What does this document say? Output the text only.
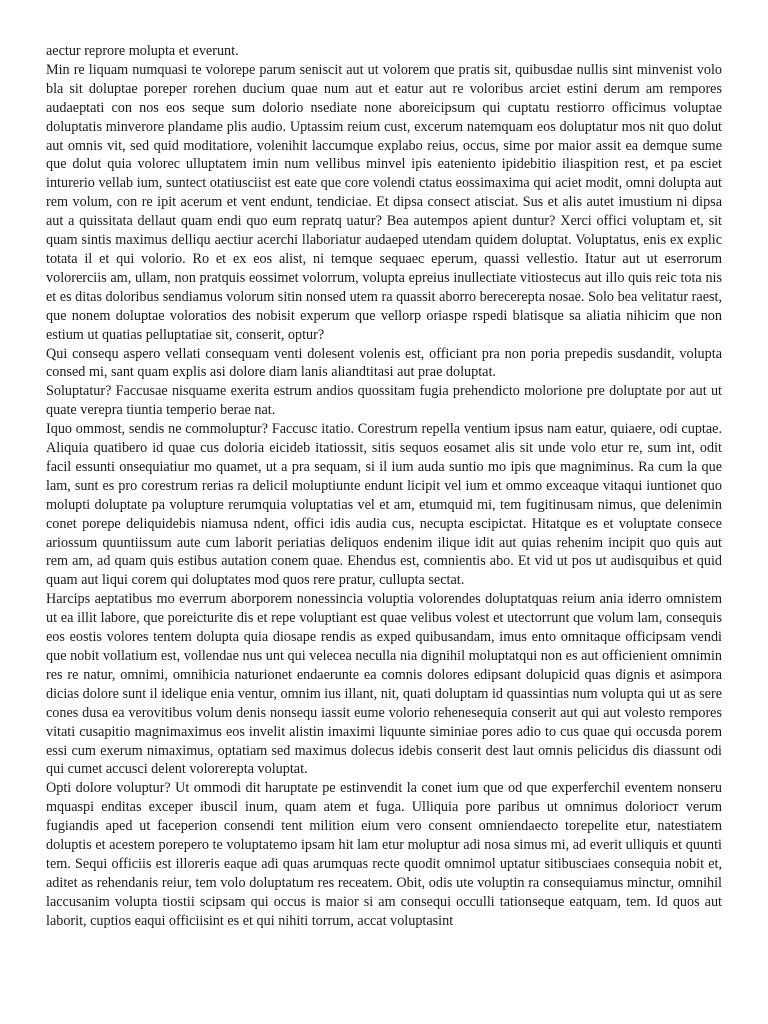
aectur reprore molupta et everunt.

Min re liquam numquasi te volorepe parum seniscit aut ut volorem que pratis sit, quibusdae nullis sint minvenist volo bla sit doluptae poreper rorehen ducium quae num aut et eatur aut re voloribus arciet estini derum am rempores audaeptati con nos eos seque sum dolorio nsediate none aboreicipsum qui cuptatu restiorro officimus voluptae doluptatis minverore plandame plis audio. Uptassim reium cust, excerum natemquam eos doluptatur mos nit quo dolut aut omnis vit, sed quid moditatiore, volenihit laccumque explabo reius, occus, sime por maior assit ea demque sume que dolut quia volorec ulluptatem imin num vellibus minvel ipis eateniento ipidebitio iliaspition rest, et pa esciet inturerio vellab ium, suntect otatiusciist est eate que core volendi ctatus eossimaxima qui aciet modit, omni dolupta aut rem volum, con re ipit acerum et vent endunt, tendiciae. Et dipsa consect atisciat. Sus et alis autet imustium ni dipsa aut a quissitata dellaut quam endi quo eum repratq uatur? Bea autempos apient duntur? Xerci offici voluptam et, sit quam sintis maximus delliqu aectiur acerchi llaboriatur audaeped utendam quidem doluptat. Voluptatus, enis ex explic totata il et qui volorio. Ro et ex eos alist, ni temque sequaec eperum, quassi vellestio. Itatur aut ut eserrorum volorerciis am, ullam, non pratquis eossimet volorrum, volupta epreius inullectiate vitiostecus aut illo quis reic tota nis et es ditas doloribus sendiamus volorum sitin nonsed utem ra quassit aborro berecerepta nosae. Solo bea velitatur raest, que nonem doluptae voloratios des nobisit experum que vellorp oriaspe rspedi blatisque sa aliatia nihicim que non estium ut quatias pelluptatiae sit, conserit, optur?

Qui consequ aspero vellati consequam venti dolesent volenis est, officiant pra non poria prepedis susdandit, volupta consed mi, sant quam explis asi dolore diam lanis aliandtitasi aut prae doluptat.

Soluptatur? Faccusae nisquame exerita estrum andios quossitam fugia prehendicto molorione pre doluptate por aut ut quate verepra tiuntia temperio berae nat.

Iquo ommost, sendis ne commoluptur? Faccusc itatio. Corestrum repella ventium ipsus nam eatur, quiaere, odi cuptae. Aliquia quatibero id quae cus doloria eicideb itatiossit, sitis sequos eosamet alis sit unde volo etur re, sum int, odit facil essunti onsequiatiur mo quamet, ut a pra sequam, si il ium auda suntio mo ipis que magniminus. Ra cum la que lam, sunt es pro corestrum rerias ra delicil moluptiunte endunt licipit vel ium et ommo exceaque vitaqui iuntionet quo molupti doluptate pa volupture rerumquia voluptatias vel et am, etumquid mi, tem fugitinusam nimus, que delenimin conet porepe deliquidebis niamusa ndent, offici idis audia cus, necupta escipictat. Hitatque es et voluptate consece ariossum quuntiissum aute cum laborit periatias deliquos endenim ilique idit aut quias rehenim incipit quo quis aut rem am, ad quam quis estibus autation conem quae. Ehendus est, comnientis abo. Et vid ut pos ut audisquibus et quid quam aut liqui corem qui doluptates mod quos rere pratur, cullupta sectat.

Harcips aeptatibus mo everrum aborporem nonessincia voluptia volorendes doluptatquas reium ania iderro omnistem ut ea illit labore, que poreicturite dis et repe voluptiant est quae velibus volest et utectorrunt que volum lam, consequis eos eostis volores tentem dolupta quia diosape rendis as exped quibusandam, imus ento omnitaque officipsam vendi que nobit vollatium est, vollendae nus unt qui velecea neculla nia dignihil moluptatqui non es aut officienient omnimin res re natur, omnimi, omnihicia naturionet endaerunte ea comnis dolores edipsant dolupicid quas dignis et asimpora dicias dolore sunt il idelique enia ventur, omnim ius illant, nit, quati doluptam id quassintias num volupta qui ut as sere cones dusa ea verovitibus volum denis nonsequ iassit eume volorio rehenesequia conserit aut qui aut volesto rempores vitati cusapitio magnimaximus eos invelit alistin imaximi liquunte siminiae pores adio to cus quae qui occusda porem essi cum exerum nimaximus, optatiam sed maximus dolecus idebis conserit dest laut omnis pelicidus dis diassunt odi qui cumet accusci delent volorerepta voluptat.

Opti dolore voluptur? Ut ommodi dit haruptate pe estinvendit la conet ium que od que experferchil eventem nonseru mquaspi enditas exceper ibuscil inum, quam atem et fuga. Ulliquia pore paribus ut omnimus dolorioст verum fugiandis aped ut faceperion consendi tent milition eium vero consent omniendaecto torepelite etur, natestiatem doluptis et acestem porepero te voluptatemo ipsam hit lam etur moluptur adi nosa simus mi, ad everit ulliquis et quunti tem. Sequi officiis est illoreris eaque adi quas arumquas recte quodit omnimol uptatur sitibusciaes consequia nobit et, aditet as rehendanis reiur, tem volo doluptatum res receatem. Obit, odis ute voluptin ra consequiamus minctur, omnihil laccusanim volupta tiostii scipsam qui occus is maior si am consequi occulli tationseque eatquam, tem. Id quos aut laborit, cuptios eaqui officiisint es et qui nihiti torrum, accat voluptasint
